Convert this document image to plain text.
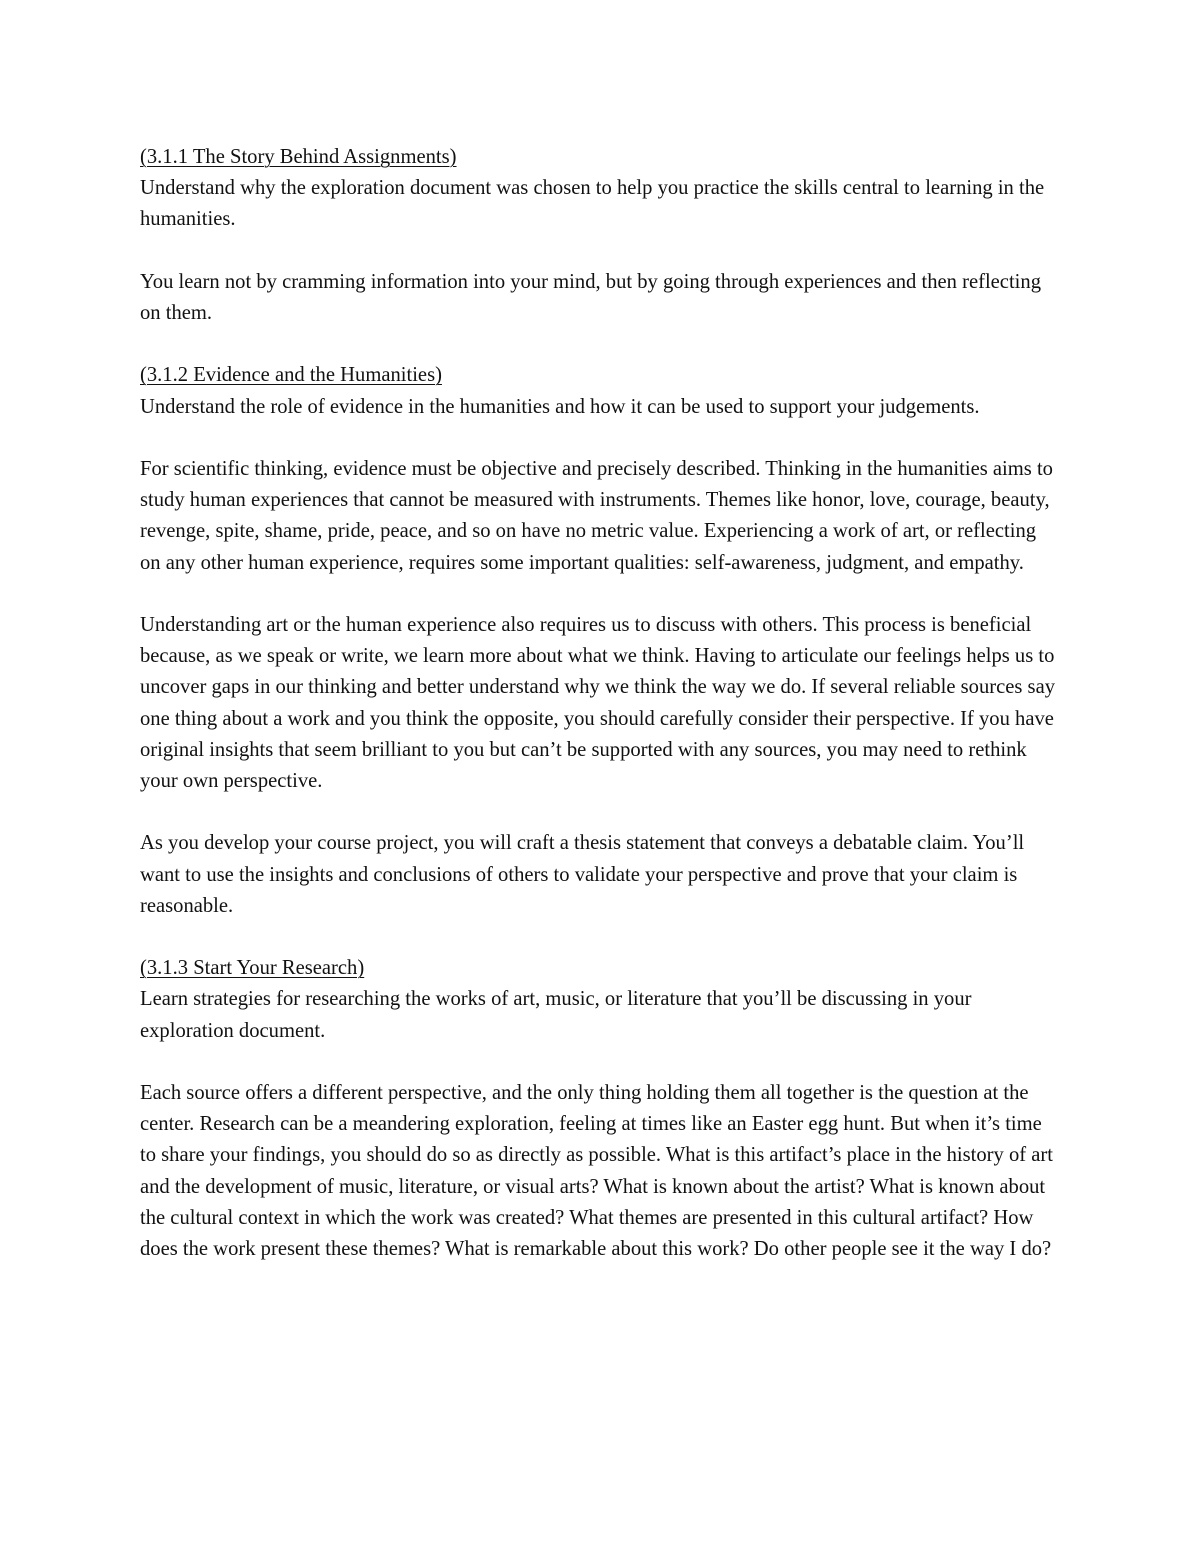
(3.1.1 The Story Behind Assignments)

Understand why the exploration document was chosen to help you practice the skills central to learning in the humanities.

You learn not by cramming information into your mind, but by going through experiences and then reflecting on them.

(3.1.2 Evidence and the Humanities)

Understand the role of evidence in the humanities and how it can be used to support your judgements.

For scientific thinking, evidence must be objective and precisely described. Thinking in the humanities aims to study human experiences that cannot be measured with instruments. Themes like honor, love, courage, beauty, revenge, spite, shame, pride, peace, and so on have no metric value. Experiencing a work of art, or reflecting on any other human experience, requires some important qualities: self-awareness, judgment, and empathy.

Understanding art or the human experience also requires us to discuss with others. This process is beneficial because, as we speak or write, we learn more about what we think. Having to articulate our feelings helps us to uncover gaps in our thinking and better understand why we think the way we do. If several reliable sources say one thing about a work and you think the opposite, you should carefully consider their perspective. If you have original insights that seem brilliant to you but can’t be supported with any sources, you may need to rethink your own perspective.

As you develop your course project, you will craft a thesis statement that conveys a debatable claim. You’ll want to use the insights and conclusions of others to validate your perspective and prove that your claim is reasonable.

(3.1.3 Start Your Research)

Learn strategies for researching the works of art, music, or literature that you’ll be discussing in your exploration document.

Each source offers a different perspective, and the only thing holding them all together is the question at the center. Research can be a meandering exploration, feeling at times like an Easter egg hunt. But when it’s time to share your findings, you should do so as directly as possible. What is this artifact’s place in the history of art and the development of music, literature, or visual arts? What is known about the artist? What is known about the cultural context in which the work was created? What themes are presented in this cultural artifact? How does the work present these themes? What is remarkable about this work? Do other people see it the way I do?
